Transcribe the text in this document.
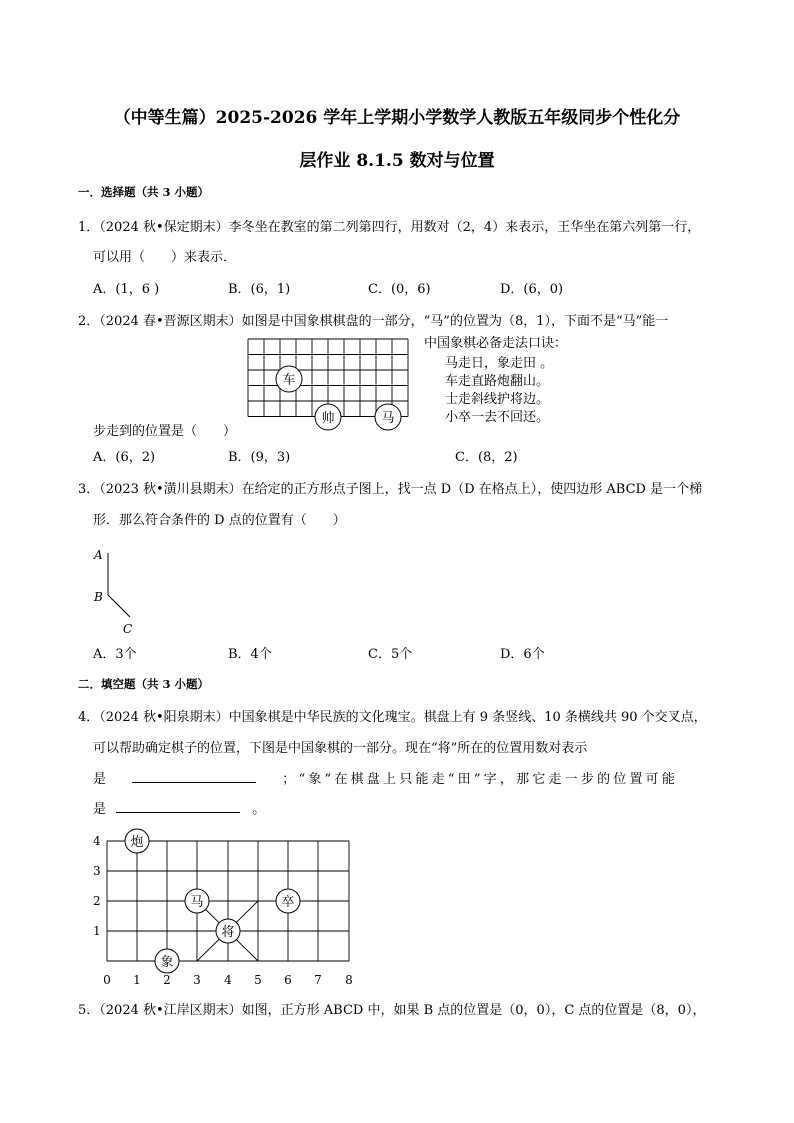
（中等生篇）2025-2026 学年上学期小学数学人教版五年级同步个性化分
层作业 8.1.5 数对与位置
一．选择题（共 3 小题）
1．（2024 秋•保定期末）李冬坐在教室的第二列第四行，用数对（2，4）来表示，王华坐在第六列第一行，
可以用（　　）来表示．
A．(1，6 )	B．(6，1)	C．(0，6)	D．(6，0)
2．（2024 春•晋源区期末）如图是中国象棋棋盘的一部分，“马”的位置为（8，1），下面不是“马”能一
车
帅	马
中国象棋必备走法口诀：
马走日，象走田 。
车走直路炮翻山。
士走斜线护将边。
小卒一去不回还。
步走到的位置是（　　）
A．(6，2)	B．(9，3)	C．(8，2)
3．（2023 秋•潢川县期末）在给定的正方形点子图上，找一点 D（D 在格点上），使四边形 ABCD 是一个梯
形．那么符合条件的 D 点的位置有（　　）
A
B
C
A．3个	B．4个	C．5个	D．6个
二．填空题（共 3 小题）
4．（2024 秋•阳泉期末）中国象棋是中华民族的文化瑰宝。棋盘上有 9 条竖线、10 条横线共 90 个交叉点，
可以帮助确定棋子的位置，下图是中国象棋的一部分。现在“将”所在的位置用数对表示
是	；“象”在棋盘上只能走“田”字，那它走一步的位置可能
是	。
1
2
3
4
0 1 2 3 4 5 6 7 8
炮
马	卒
将
象
5．（2024 秋•江岸区期末）如图，正方形 ABCD 中，如果 B 点的位置是（0，0），C 点的位置是（8，0），
